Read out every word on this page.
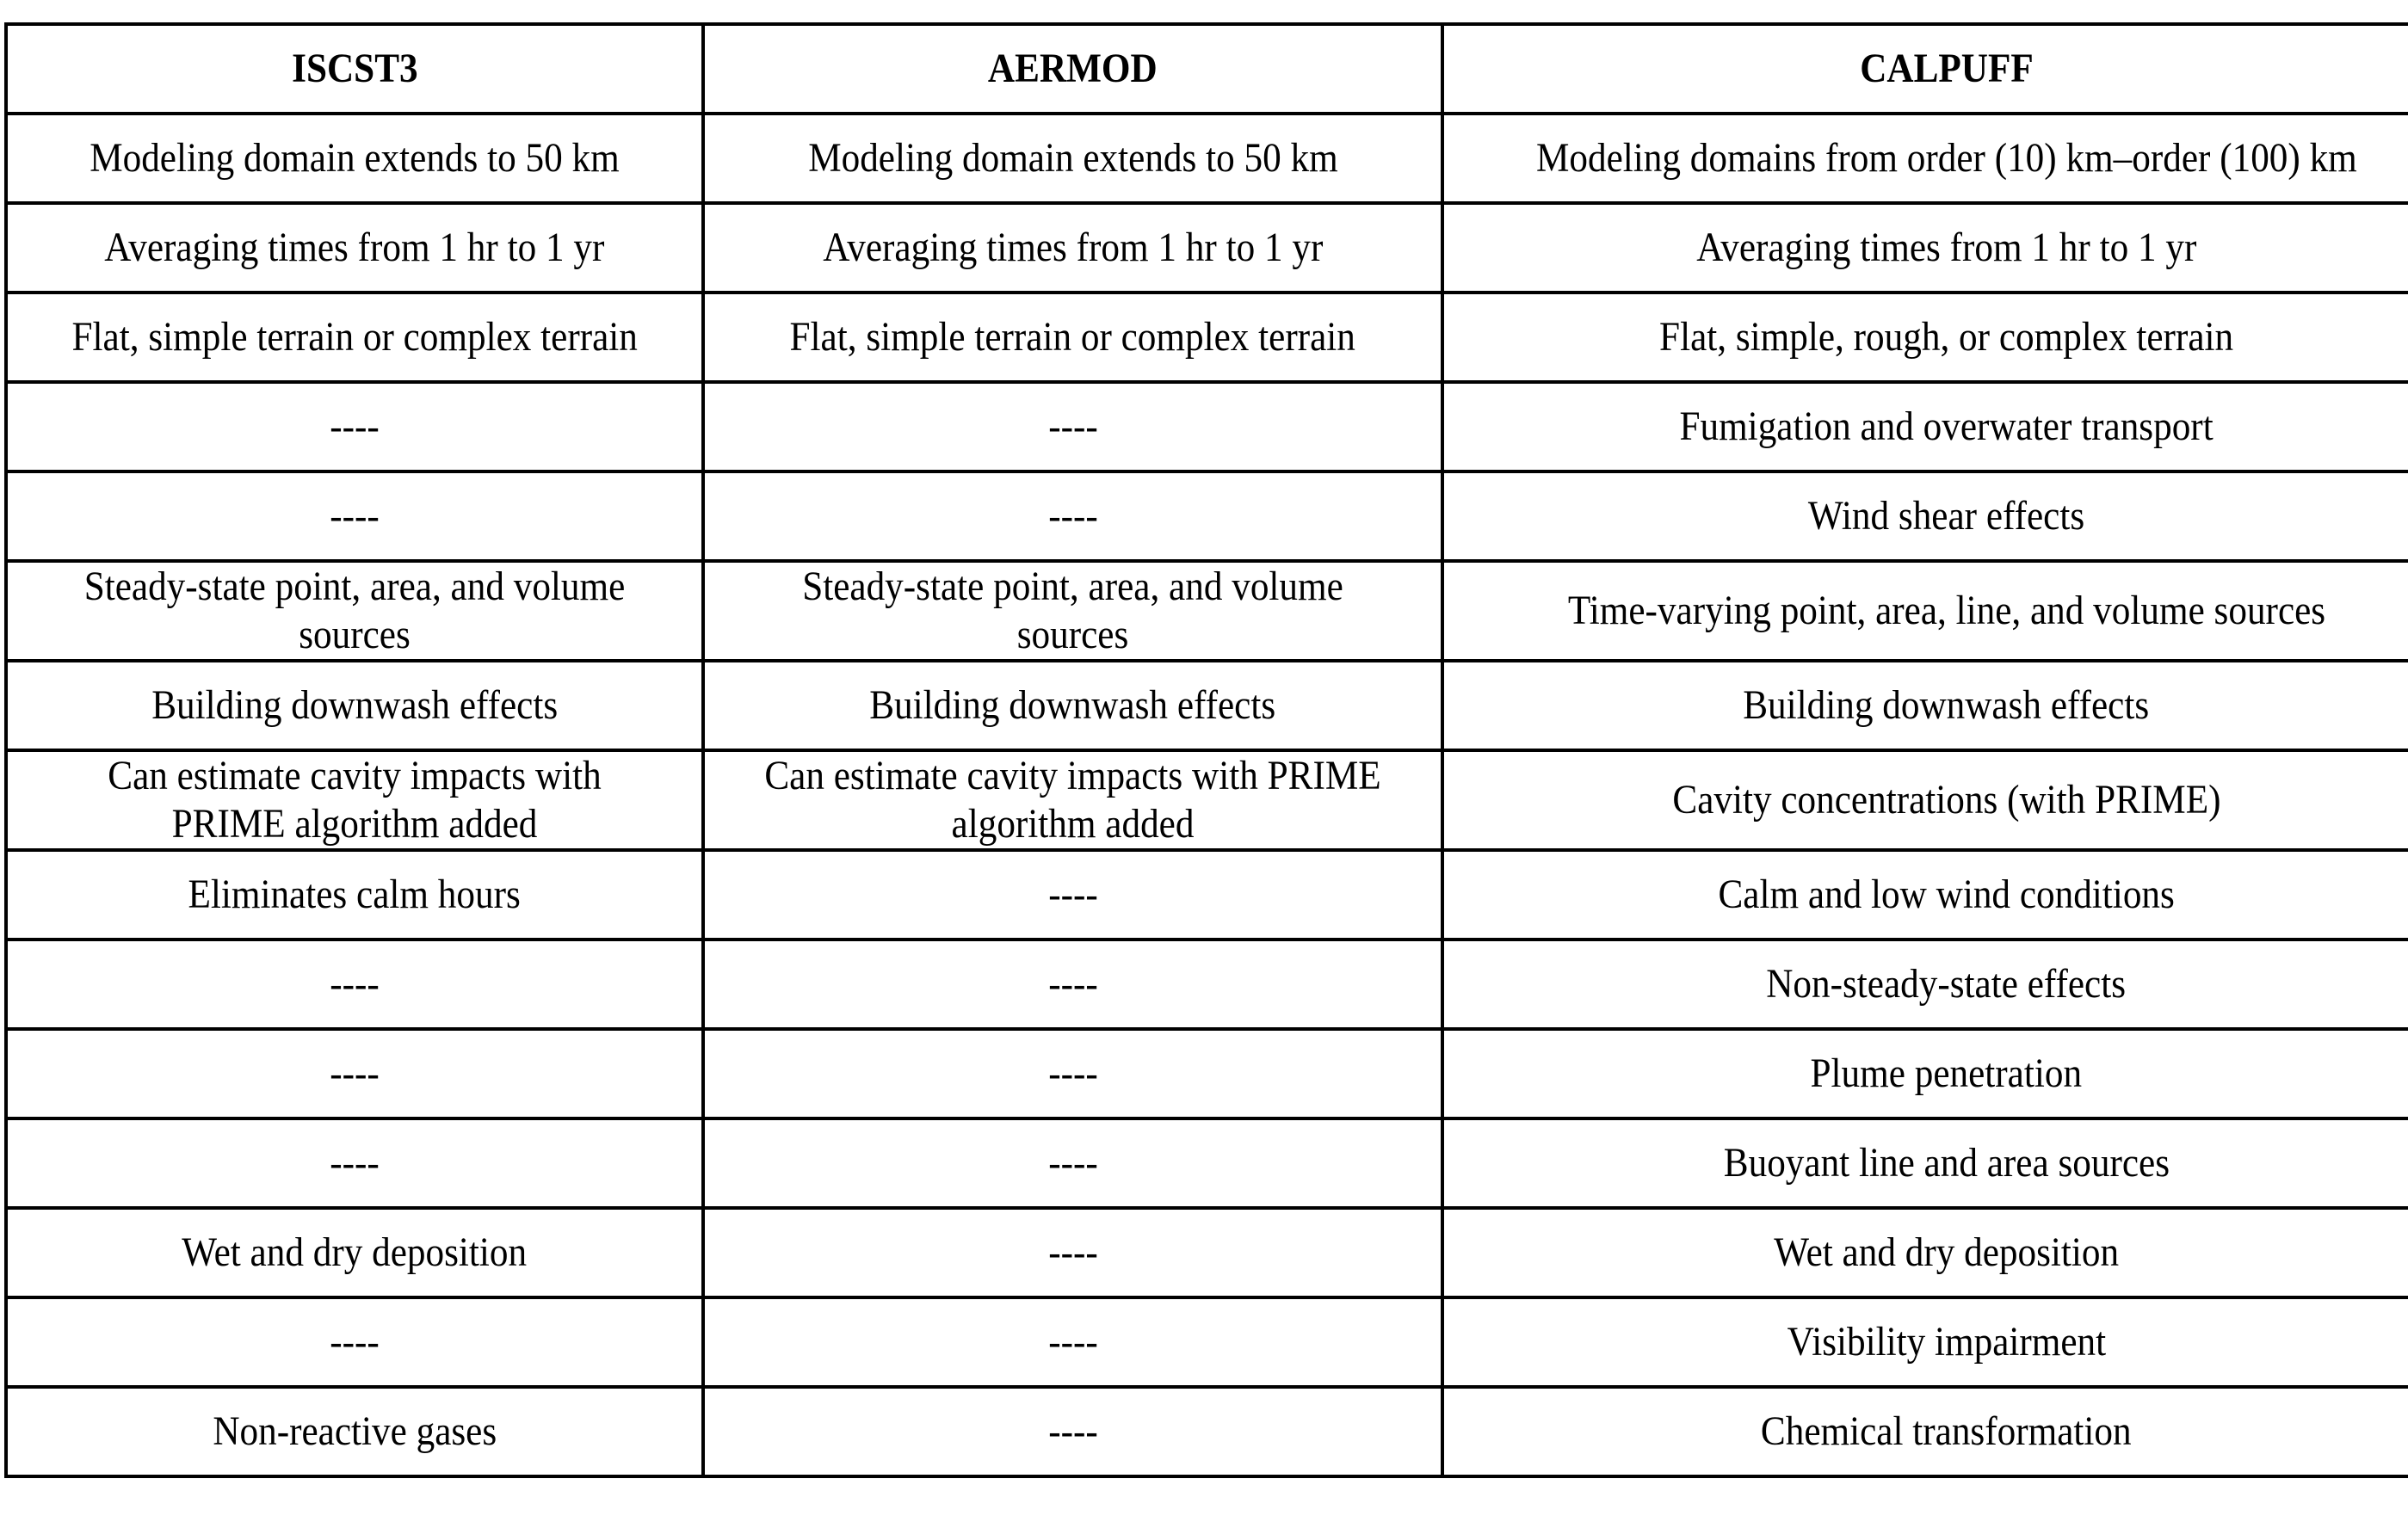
ISCST3	AERMOD	CALPUFF
Modeling domain extends to 50 km	Modeling domain extends to 50 km	Modeling domains from order (10) km–order (100) km
Averaging times from 1 hr to 1 yr	Averaging times from 1 hr to 1 yr	Averaging times from 1 hr to 1 yr
Flat, simple terrain or complex terrain	Flat, simple terrain or complex terrain	Flat, simple, rough, or complex terrain
----	----	Fumigation and overwater transport
----	----	Wind shear effects
Steady-state point, area, and volume sources	Steady-state point, area, and volume sources	Time-varying point, area, line, and volume sources
Building downwash effects	Building downwash effects	Building downwash effects
Can estimate cavity impacts with PRIME algorithm added	Can estimate cavity impacts with PRIME algorithm added	Cavity concentrations (with PRIME)
Eliminates calm hours	----	Calm and low wind conditions
----	----	Non-steady-state effects
----	----	Plume penetration
----	----	Buoyant line and area sources
Wet and dry deposition	----	Wet and dry deposition
----	----	Visibility impairment
Non-reactive gases	----	Chemical transformation
